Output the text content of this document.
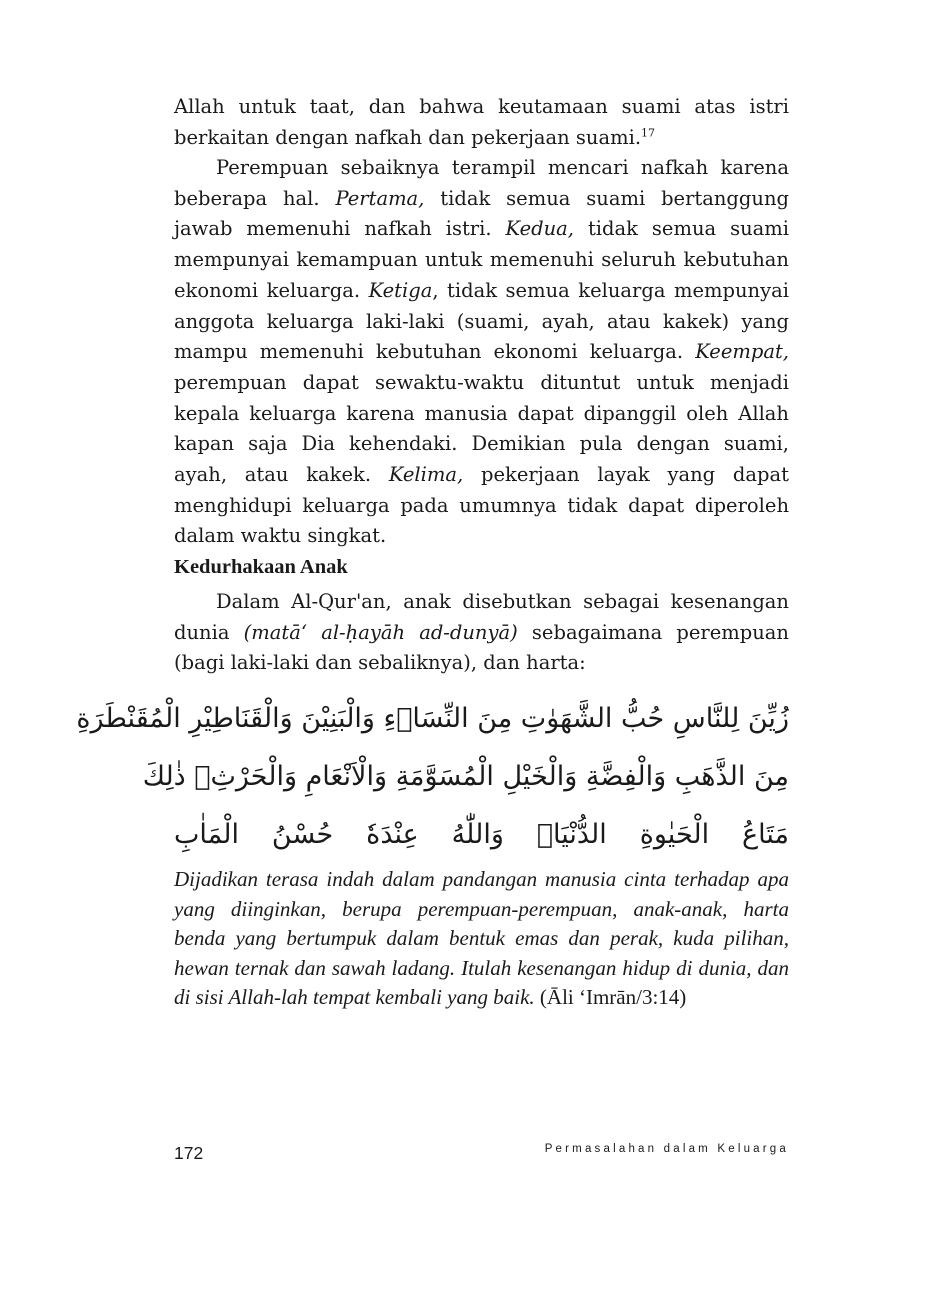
Allah untuk taat, dan bahwa keutamaan suami atas istri berkaitan dengan nafkah dan pekerjaan suami.$^{17}$

Perempuan sebaiknya terampil mencari nafkah karena beberapa hal. Pertama, tidak semua suami bertanggung jawab memenuhi nafkah istri. Kedua, tidak semua suami mempunyai kemampuan untuk memenuhi seluruh kebutuhan ekonomi keluarga. Ketiga, tidak semua keluarga mempunyai anggota keluarga laki-laki (suami, ayah, atau kakek) yang mampu memenuhi kebutuhan ekonomi keluarga. Keempat, perempuan dapat sewaktu-waktu dituntut untuk menjadi kepala keluarga karena manusia dapat dipanggil oleh Allah kapan saja Dia kehendaki. Demikian pula dengan suami, ayah, atau kakek. Kelima, pekerjaan layak yang dapat menghidupi keluarga pada umumnya tidak dapat diperoleh dalam waktu singkat.

Kedurhakaan Anak

Dalam Al-Qur'an, anak disebutkan sebagai kesenangan dunia (matā‘ al-ḥayāh ad-dunyā) sebagaimana perempuan (bagi laki-laki dan sebaliknya), dan harta:

زُيِّنَ لِلنَّاسِ حُبُّ الشَّهَوٰتِ مِنَ النِّسَاۤءِ وَالْبَنِيْنَ وَالْقَنَاطِيْرِ الْمُقَنْطَرَةِ
مِنَ الذَّهَبِ وَالْفِضَّةِ وَالْخَيْلِ الْمُسَوَّمَةِ وَالْاَنْعَامِ وَالْحَرْثِۗ ذٰلِكَ
مَتَاعُ الْحَيٰوةِ الدُّنْيَاۗ وَاللّٰهُ عِنْدَهٗ حُسْنُ الْمَاٰبِ
Dijadikan terasa indah dalam pandangan manusia cinta terhadap apa yang diinginkan, berupa perempuan-perempuan, anak-anak, harta benda yang bertumpuk dalam bentuk emas dan perak, kuda pilihan, hewan ternak dan sawah ladang. Itulah kesenangan hidup di dunia, dan di sisi Allah-lah tempat kembali yang baik. (Āli ‘Imrān/3:14)
172	Permasalahan dalam Keluarga
